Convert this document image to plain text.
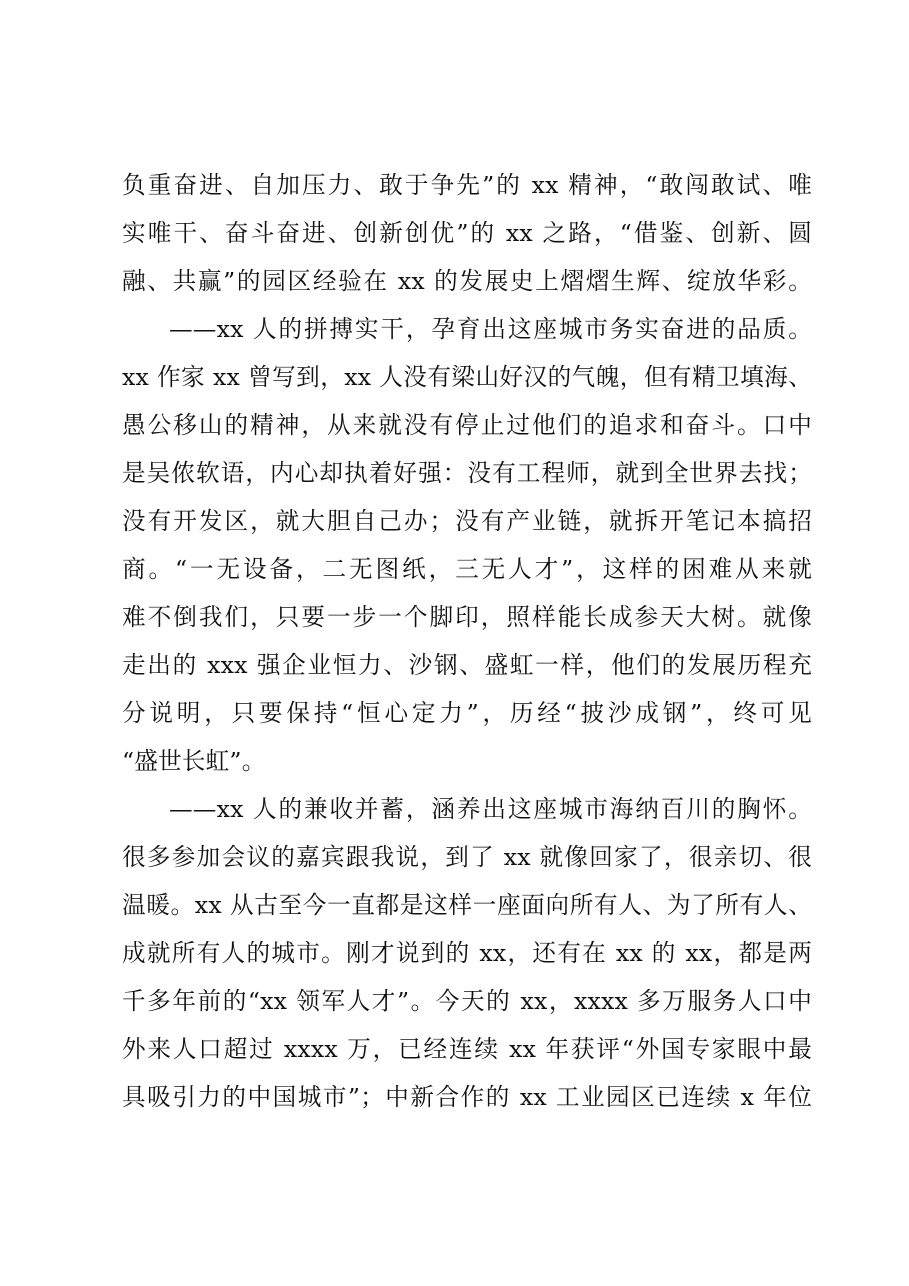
负重奋进、自加压力、敢于争先”的 xx 精神，“敢闯敢试、唯
实唯干、奋斗奋进、创新创优”的 xx 之路，“借鉴、创新、圆
融、共赢”的园区经验在 xx 的发展史上熠熠生辉、绽放华彩。
——xx 人的拼搏实干，孕育出这座城市务实奋进的品质。
xx 作家 xx 曾写到，xx 人没有梁山好汉的气魄，但有精卫填海、
愚公移山的精神，从来就没有停止过他们的追求和奋斗。口中
是吴侬软语，内心却执着好强：没有工程师，就到全世界去找；
没有开发区，就大胆自己办；没有产业链，就拆开笔记本搞招
商。“一无设备，二无图纸，三无人才”，这样的困难从来就
难不倒我们，只要一步一个脚印，照样能长成参天大树。就像
走出的 xxx 强企业恒力、沙钢、盛虹一样，他们的发展历程充
分说明，只要保持“恒心定力”，历经“披沙成钢”，终可见
“盛世长虹”。
——xx 人的兼收并蓄，涵养出这座城市海纳百川的胸怀。
很多参加会议的嘉宾跟我说，到了 xx 就像回家了，很亲切、很
温暖。xx 从古至今一直都是这样一座面向所有人、为了所有人、
成就所有人的城市。刚才说到的 xx，还有在 xx 的 xx，都是两
千多年前的“xx 领军人才”。今天的 xx，xxxx 多万服务人口中
外来人口超过 xxxx 万，已经连续 xx 年获评“外国专家眼中最
具吸引力的中国城市”；中新合作的 xx 工业园区已连续 x 年位
